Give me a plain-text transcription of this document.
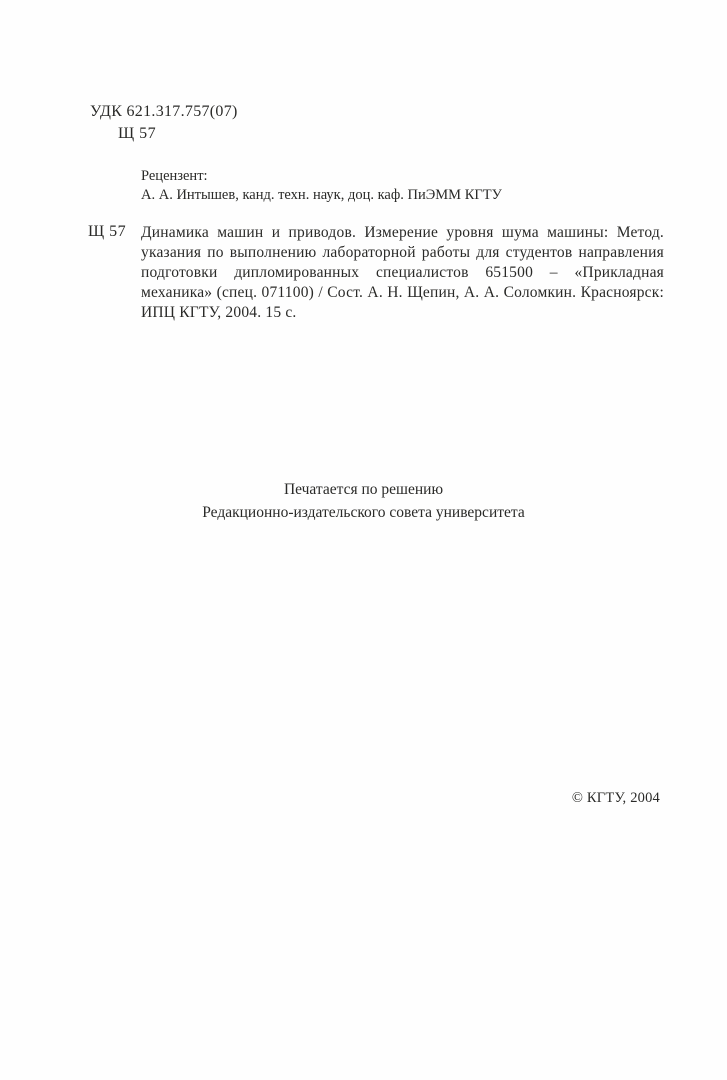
УДК 621.317.757(07)
Щ 57
Рецензент:
А. А. Интышев, канд. техн. наук, доц. каф. ПиЭММ КГТУ
Щ 57 Динамика машин и приводов. Измерение уровня шума машины: Метод. указания по выполнению лабораторной работы для студентов направления подготовки дипломированных специалистов 651500 – «Прикладная механика» (спец. 071100) / Сост. А. Н. Щепин, А. А. Соломкин. Красноярск: ИПЦ КГТУ, 2004. 15 с.

Печатается по решению
Редакционно-издательского совета университета
© КГТУ, 2004
